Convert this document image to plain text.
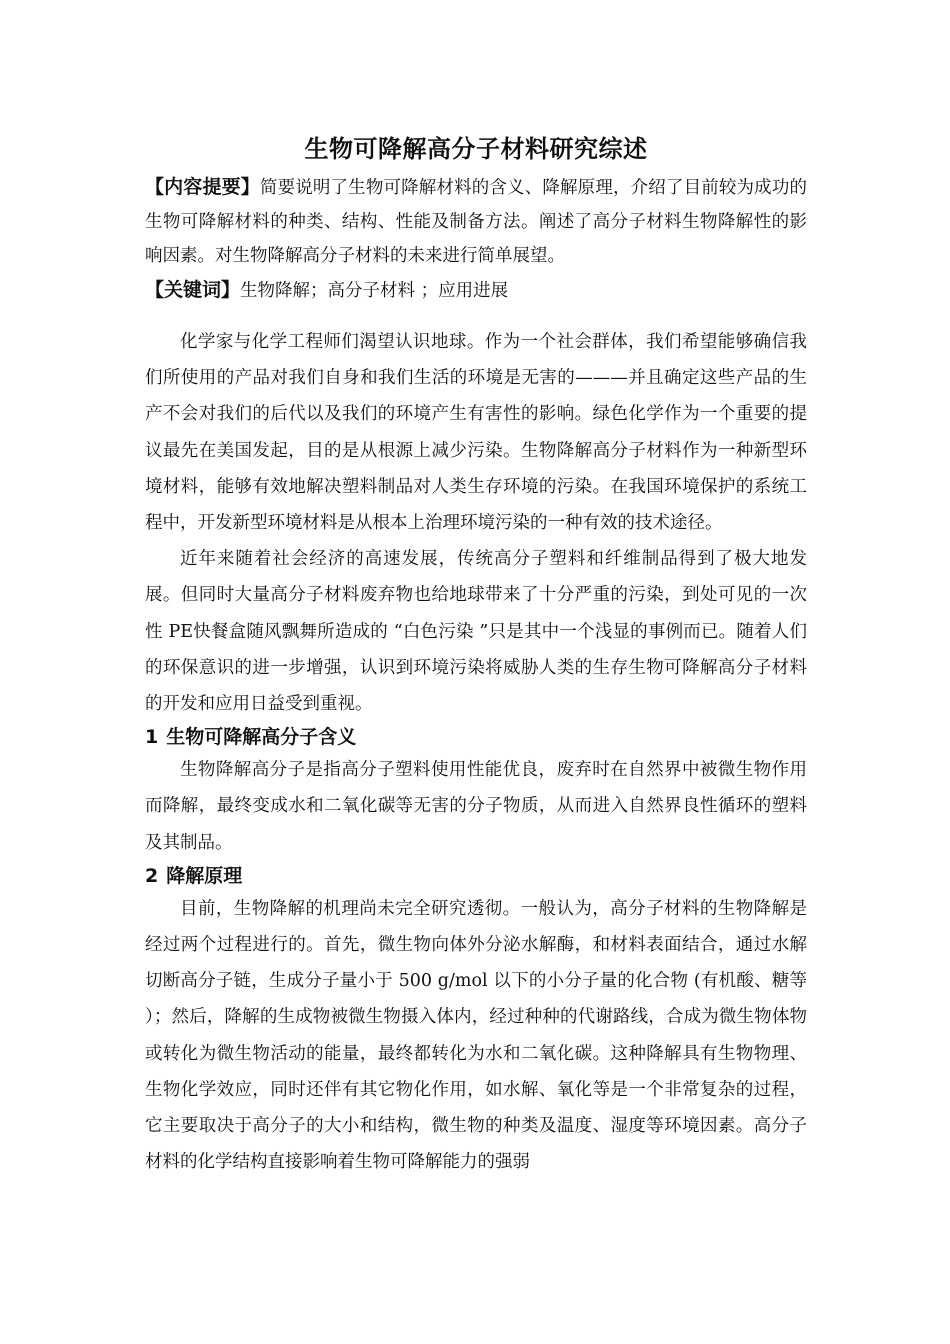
生物可降解高分子材料研究综述

【内容提要】简要说明了生物可降解材料的含义、降解原理，介绍了目前较为成功的生物可降解材料的种类、结构、性能及制备方法。阐述了高分子材料生物降解性的影响因素。对生物降解高分子材料的未来进行简单展望。

【关键词】生物降解；高分子材料 ；应用进展

化学家与化学工程师们渴望认识地球。作为一个社会群体，我们希望能够确信我们所使用的产品对我们自身和我们生活的环境是无害的———并且确定这些产品的生产不会对我们的后代以及我们的环境产生有害性的影响。绿色化学作为一个重要的提议最先在美国发起，目的是从根源上减少污染。生物降解高分子材料作为一种新型环境材料，能够有效地解决塑料制品对人类生存环境的污染。在我国环境保护的系统工程中，开发新型环境材料是从根本上治理环境污染的一种有效的技术途径。

近年来随着社会经济的高速发展，传统高分子塑料和纤维制品得到了极大地发展。但同时大量高分子材料废弃物也给地球带来了十分严重的污染，到处可见的一次性 PE快餐盒随风飘舞所造成的 “白色污染 ”只是其中一个浅显的事例而已。随着人们的环保意识的进一步增强，认识到环境污染将威胁人类的生存生物可降解高分子材料的开发和应用日益受到重视。

1 生物可降解高分子含义

生物降解高分子是指高分子塑料使用性能优良，废弃时在自然界中被微生物作用而降解，最终变成水和二氧化碳等无害的分子物质，从而进入自然界良性循环的塑料及其制品。

2 降解原理

目前，生物降解的机理尚未完全研究透彻。一般认为，高分子材料的生物降解是经过两个过程进行的。首先，微生物向体外分泌水解酶，和材料表面结合，通过水解切断高分子链，生成分子量小于 500 g/mol 以下的小分子量的化合物 (有机酸、糖等 ）；然后，降解的生成物被微生物摄入体内，经过种种的代谢路线，合成为微生物体物或转化为微生物活动的能量，最终都转化为水和二氧化碳。这种降解具有生物物理、生物化学效应，同时还伴有其它物化作用，如水解、氧化等是一个非常复杂的过程，它主要取决于高分子的大小和结构，微生物的种类及温度、湿度等环境因素。高分子材料的化学结构直接影响着生物可降解能力的强弱
